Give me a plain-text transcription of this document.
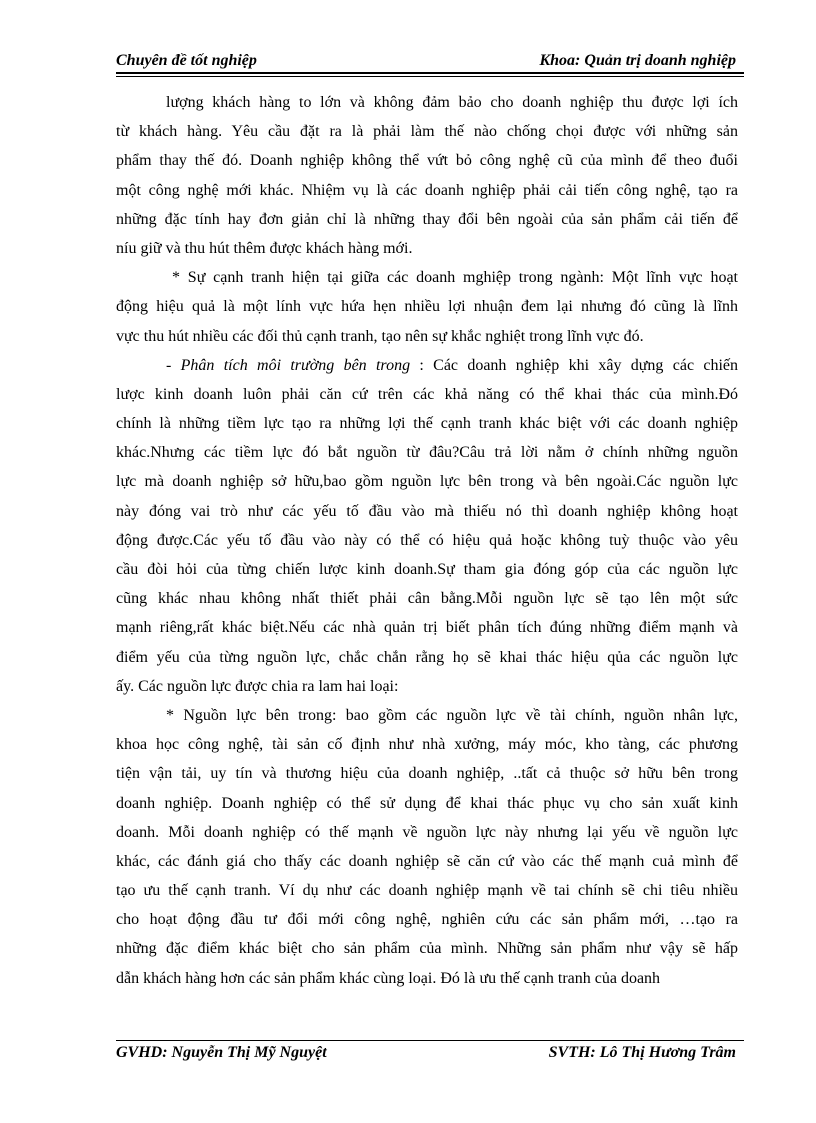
Chuyên đề tốt nghiệp	Khoa: Quản trị doanh nghiệp
lượng khách hàng to lớn và không đảm bảo cho doanh nghiệp thu được lợi ích
từ khách hàng. Yêu cầu đặt ra là phải làm thế nào chống chọi được với những sản
phẩm thay thế đó. Doanh nghiệp không thể vứt bỏ công nghệ cũ của mình để theo đuổi
một công nghệ mới khác. Nhiệm vụ là các doanh nghiệp phải cải tiến công nghệ, tạo ra
những đặc tính hay đơn giản chỉ là những thay đổi bên ngoài của sản phẩm cải tiến để
níu giữ và thu hút thêm được khách hàng mới.
* Sự cạnh tranh hiện tại giữa các doanh mghiệp trong ngành: Một lĩnh vực hoạt
động hiệu quả là một lính vực hứa hẹn nhiều lợi nhuận đem lại nhưng đó cũng là lĩnh
vực thu hút nhiều các đối thủ cạnh tranh, tạo nên sự khắc nghiệt trong lĩnh vực đó.
- Phân tích môi trường bên trong : Các doanh nghiệp khi xây dựng các chiến
lược kinh doanh luôn phải căn cứ trên các khả năng có thể khai thác của mình.Đó
chính là những tiềm lực tạo ra những lợi thế cạnh tranh khác biệt với các doanh nghiệp
khác.Nhưng các tiềm lực đó bắt nguồn từ đâu?Câu trả lời nằm ở chính những nguồn
lực mà doanh nghiệp sở hữu,bao gồm nguồn lực bên trong và bên ngoài.Các nguồn lực
này đóng vai trò như các yếu tố đầu vào mà thiếu nó thì doanh nghiệp không hoạt
động được.Các yếu tố đầu vào này có thể có hiệu quả hoặc không tuỳ thuộc vào yêu
cầu đòi hỏi của từng chiến lược kinh doanh.Sự tham gia đóng góp của các nguồn lực
cũng khác nhau không nhất thiết phải cân bằng.Mỗi nguồn lực sẽ tạo lên một sức
mạnh riêng,rất khác biệt.Nếu các nhà quản trị biết phân tích đúng những điểm mạnh và
điểm yếu của từng nguồn lực, chắc chắn rằng họ sẽ khai thác hiệu qủa các nguồn lực
ấy. Các nguồn lực được chia ra lam hai loại:
* Nguồn lực bên trong: bao gồm các nguồn lực về tài chính, nguồn nhân lực,
khoa học công nghệ, tài sản cố định như nhà xưởng, máy móc, kho tàng, các phương
tiện vận tải, uy tín và thương hiệu của doanh nghiệp, ..tất cả thuộc sở hữu bên trong
doanh nghiệp. Doanh nghiệp có thể sử dụng để khai thác phục vụ cho sản xuất kinh
doanh. Mỗi doanh nghiệp có thế mạnh về nguồn lực này nhưng lại yếu về nguồn lực
khác, các đánh giá cho thấy các doanh nghiệp sẽ căn cứ vào các thế mạnh cuả mình để
tạo ưu thế cạnh tranh. Ví dụ như các doanh nghiệp mạnh về tai chính sẽ chi tiêu nhiều
cho hoạt động đầu tư đổi mới công nghệ, nghiên cứu các sản phẩm mới, …tạo ra
những đặc điểm khác biệt cho sản phẩm của mình. Những sản phẩm như vậy sẽ hấp
dẫn khách hàng hơn các sản phẩm khác cùng loại. Đó là ưu thế cạnh tranh của doanh
GVHD: Nguyễn Thị Mỹ Nguyệt	SVTH: Lô Thị Hương Trâm
